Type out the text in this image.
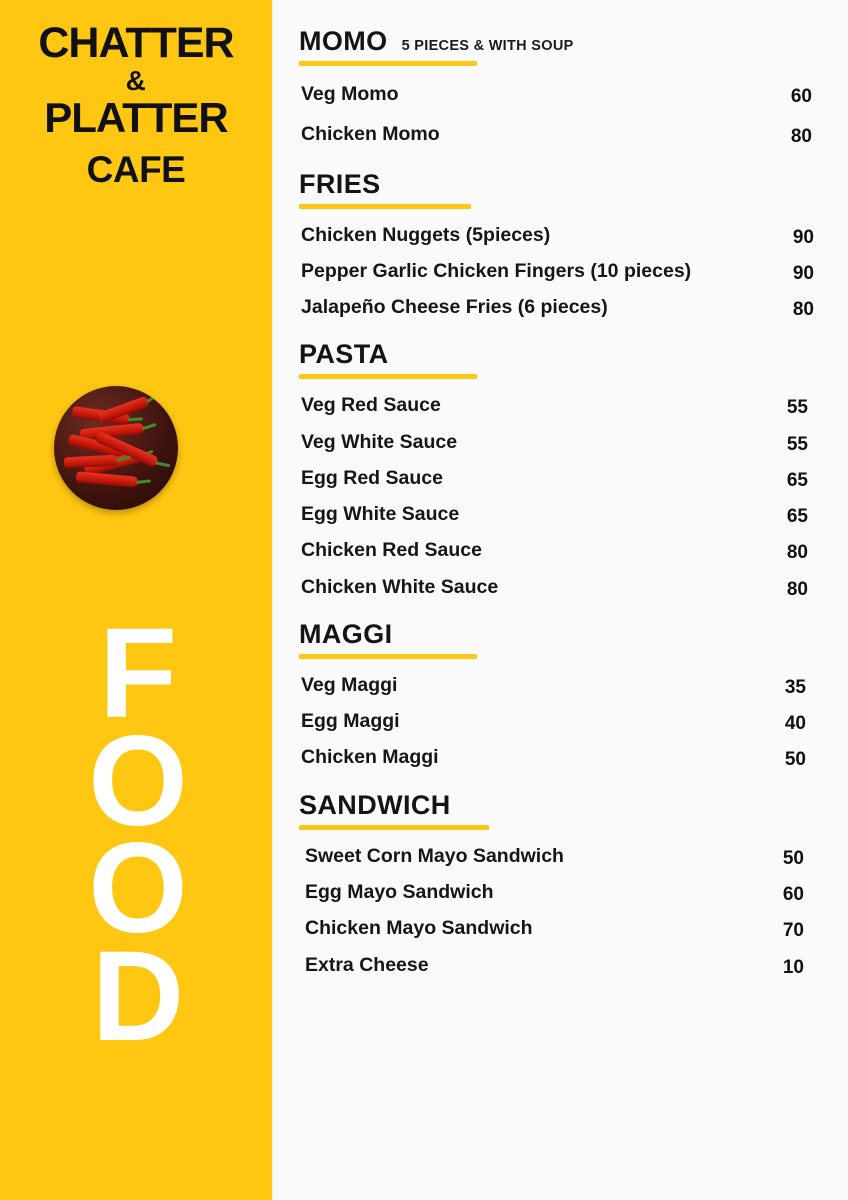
CHATTER
&
PLATTER
CAFE
F
O
O
D
MOMO 5 PIECES & WITH SOUP
Veg Momo	60
Chicken Momo	80
FRIES
Chicken Nuggets (5pieces)	90
Pepper Garlic Chicken Fingers (10 pieces)	90
Jalapeño Cheese Fries (6 pieces)	80
PASTA
Veg Red Sauce	55
Veg White Sauce	55
Egg Red Sauce	65
Egg White Sauce	65
Chicken Red Sauce	80
Chicken White Sauce	80
MAGGI
Veg Maggi	35
Egg Maggi	40
Chicken Maggi	50
SANDWICH
Sweet Corn Mayo Sandwich	50
Egg Mayo Sandwich	60
Chicken Mayo Sandwich	70
Extra Cheese	10
